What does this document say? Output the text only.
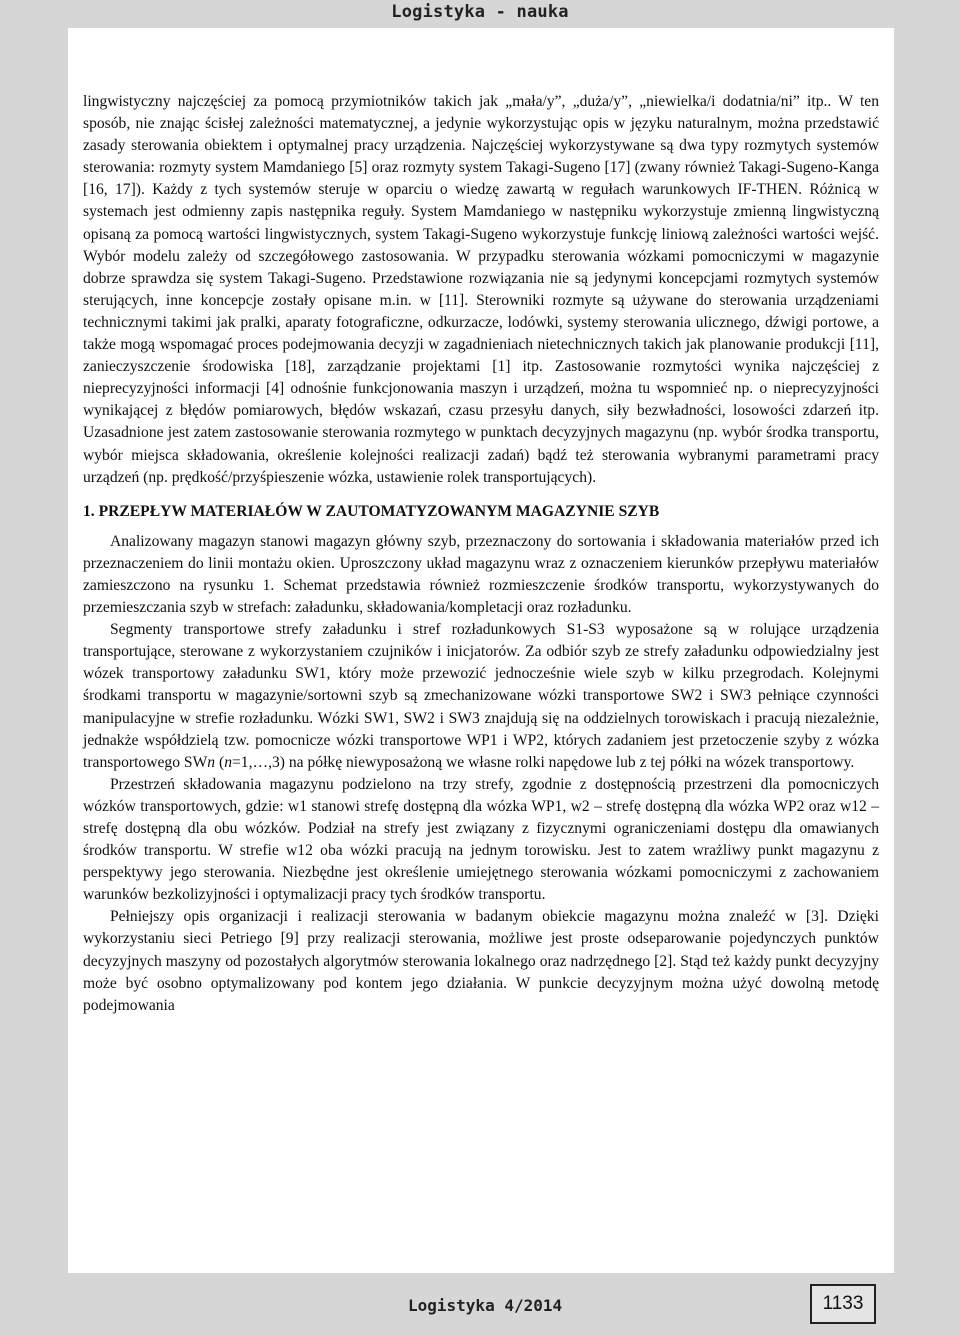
Logistyka - nauka

lingwistyczny najczęściej za pomocą przymiotników takich jak „mała/y”, „duża/y”, „niewielka/i dodatnia/ni” itp.. W ten sposób, nie znając ścisłej zależności matematycznej, a jedynie wykorzystując opis w języku naturalnym, można przedstawić zasady sterowania obiektem i optymalnej pracy urządzenia. Najczęściej wykorzystywane są dwa typy rozmytych systemów sterowania: rozmyty system Mamdaniego [5] oraz rozmyty system Takagi-Sugeno [17] (zwany również Takagi-Sugeno-Kanga [16, 17]). Każdy z tych systemów steruje w oparciu o wiedzę zawartą w regułach warunkowych IF-THEN. Różnicą w systemach jest odmienny zapis następnika reguły. System Mamdaniego w następniku wykorzystuje zmienną lingwistyczną opisaną za pomocą wartości lingwistycznych, system Takagi-Sugeno wykorzystuje funkcję liniową zależności wartości wejść. Wybór modelu zależy od szczegółowego zastosowania. W przypadku sterowania wózkami pomocniczymi w magazynie dobrze sprawdza się system Takagi-Sugeno. Przedstawione rozwiązania nie są jedynymi koncepcjami rozmytych systemów sterujących, inne koncepcje zostały opisane m.in. w [11]. Sterowniki rozmyte są używane do sterowania urządzeniami technicznymi takimi jak pralki, aparaty fotograficzne, odkurzacze, lodówki, systemy sterowania ulicznego, dźwigi portowe, a także mogą wspomagać proces podejmowania decyzji w zagadnieniach nietechnicznych takich jak planowanie produkcji [11], zanieczyszczenie środowiska [18], zarządzanie projektami [1] itp. Zastosowanie rozmytości wynika najczęściej z nieprecyzyjności informacji [4] odnośnie funkcjonowania maszyn i urządzeń, można tu wspomnieć np. o nieprecyzyjności wynikającej z błędów pomiarowych, błędów wskazań, czasu przesyłu danych, siły bezwładności, losowości zdarzeń itp. Uzasadnione jest zatem zastosowanie sterowania rozmytego w punktach decyzyjnych magazynu (np. wybór środka transportu, wybór miejsca składowania, określenie kolejności realizacji zadań) bądź też sterowania wybranymi parametrami pracy urządzeń (np. prędkość/przyśpieszenie wózka, ustawienie rolek transportujących).

1. PRZEPŁYW MATERIAŁÓW W ZAUTOMATYZOWANYM MAGAZYNIE SZYB

Analizowany magazyn stanowi magazyn główny szyb, przeznaczony do sortowania i składowania materiałów przed ich przeznaczeniem do linii montażu okien. Uproszczony układ magazynu wraz z oznaczeniem kierunków przepływu materiałów zamieszczono na rysunku 1. Schemat przedstawia również rozmieszczenie środków transportu, wykorzystywanych do przemieszczania szyb w strefach: załadunku, składowania/kompletacji oraz rozładunku.

Segmenty transportowe strefy załadunku i stref rozładunkowych S1-S3 wyposażone są w rolujące urządzenia transportujące, sterowane z wykorzystaniem czujników i inicjatorów. Za odbiór szyb ze strefy załadunku odpowiedzialny jest wózek transportowy załadunku SW1, który może przewozić jednocześnie wiele szyb w kilku przegrodach. Kolejnymi środkami transportu w magazynie/sortowni szyb są zmechanizowane wózki transportowe SW2 i SW3 pełniące czynności manipulacyjne w strefie rozładunku. Wózki SW1, SW2 i SW3 znajdują się na oddzielnych torowiskach i pracują niezależnie, jednakże współdzielą tzw. pomocnicze wózki transportowe WP1 i WP2, których zadaniem jest przetoczenie szyby z wózka transportowego SWn (n=1,…,3) na półkę niewyposażoną we własne rolki napędowe lub z tej półki na wózek transportowy.

Przestrzeń składowania magazynu podzielono na trzy strefy, zgodnie z dostępnością przestrzeni dla pomocniczych wózków transportowych, gdzie: w1 stanowi strefę dostępną dla wózka WP1, w2 – strefę dostępną dla wózka WP2 oraz w12 – strefę dostępną dla obu wózków. Podział na strefy jest związany z fizycznymi ograniczeniami dostępu dla omawianych środków transportu. W strefie w12 oba wózki pracują na jednym torowisku. Jest to zatem wrażliwy punkt magazynu z perspektywy jego sterowania. Niezbędne jest określenie umiejętnego sterowania wózkami pomocniczymi z zachowaniem warunków bezkolizyjności i optymalizacji pracy tych środków transportu.

Pełniejszy opis organizacji i realizacji sterowania w badanym obiekcie magazynu można znaleźć w [3]. Dzięki wykorzystaniu sieci Petriego [9] przy realizacji sterowania, możliwe jest proste odseparowanie pojedynczych punktów decyzyjnych maszyny od pozostałych algorytmów sterowania lokalnego oraz nadrzędnego [2]. Stąd też każdy punkt decyzyjny może być osobno optymalizowany pod kontem jego działania. W punkcie decyzyjnym można użyć dowolną metodę podejmowania

Logistyka 4/2014	1133
